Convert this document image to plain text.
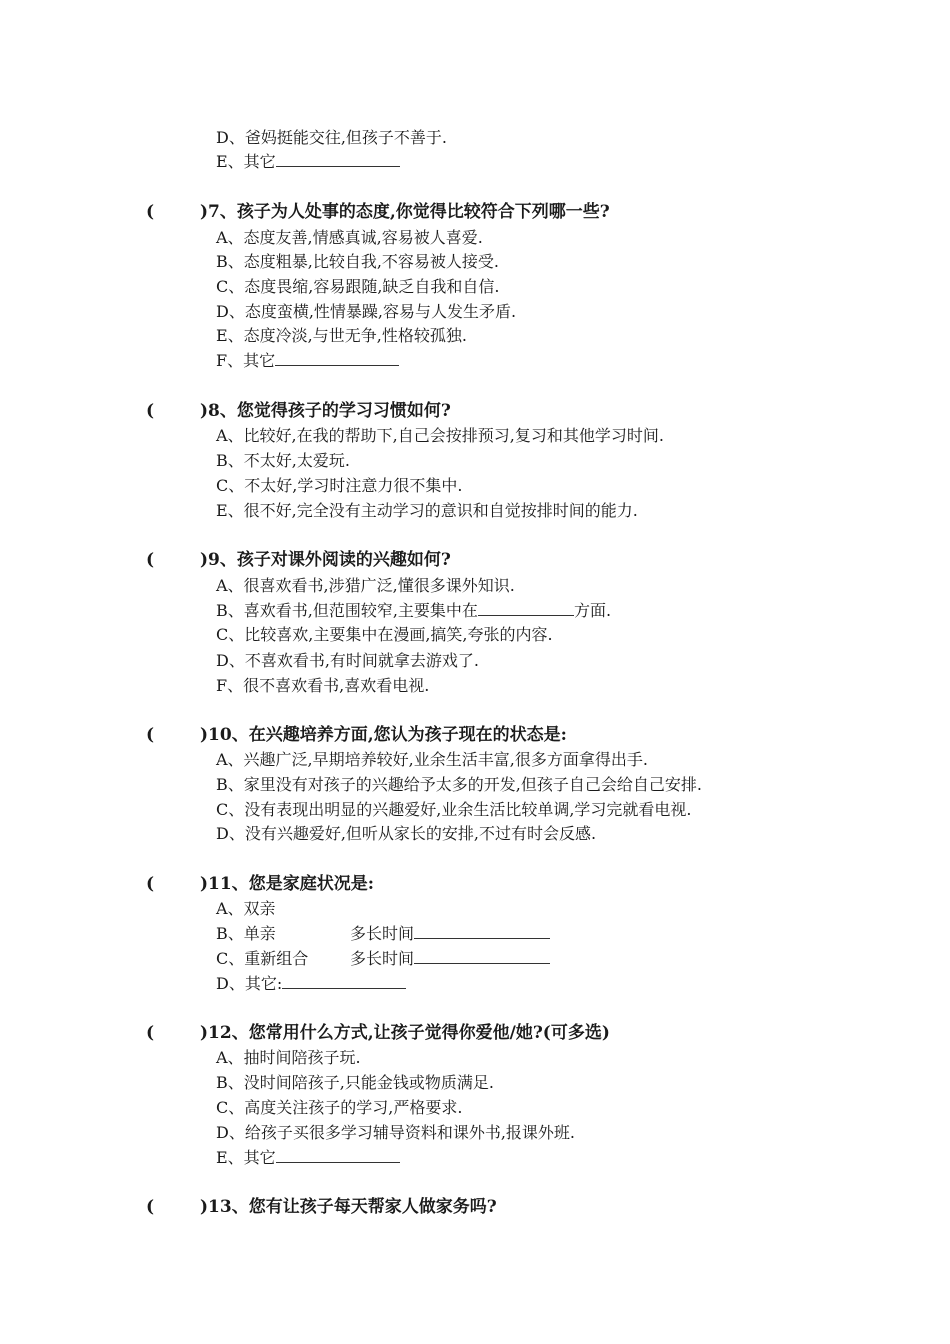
D、爸妈挺能交往,但孩子不善于.
E、其它
(	)7、孩子为人处事的态度,你觉得比较符合下列哪一些?
A、态度友善,情感真诚,容易被人喜爱.
B、态度粗暴,比较自我,不容易被人接受.
C、态度畏缩,容易跟随,缺乏自我和自信.
D、态度蛮横,性情暴躁,容易与人发生矛盾.
E、态度冷淡,与世无争,性格较孤独.
F、其它
(	)8、您觉得孩子的学习习惯如何?
A、比较好,在我的帮助下,自己会按排预习,复习和其他学习时间.
B、不太好,太爱玩.
C、不太好,学习时注意力很不集中.
E、很不好,完全没有主动学习的意识和自觉按排时间的能力.
(	)9、孩子对课外阅读的兴趣如何?
A、很喜欢看书,涉猎广泛,懂很多课外知识.
B、喜欢看书,但范围较窄,主要集中在	方面.
C、比较喜欢,主要集中在漫画,搞笑,夸张的内容.
D、不喜欢看书,有时间就拿去游戏了.
F、很不喜欢看书,喜欢看电视.
(	)10、在兴趣培养方面,您认为孩子现在的状态是:
A、兴趣广泛,早期培养较好,业余生活丰富,很多方面拿得出手.
B、家里没有对孩子的兴趣给予太多的开发,但孩子自己会给自己安排.
C、没有表现出明显的兴趣爱好,业余生活比较单调,学习完就看电视.
D、没有兴趣爱好,但听从家长的安排,不过有时会反感.
(	)11、您是家庭状况是:
A、双亲
B、单亲	多长时间
C、重新组合	多长时间
D、其它:
(	)12、您常用什么方式,让孩子觉得你爱他/她?(可多选)
A、抽时间陪孩子玩.
B、没时间陪孩子,只能金钱或物质满足.
C、高度关注孩子的学习,严格要求.
D、给孩子买很多学习辅导资料和课外书,报课外班.
E、其它
(	)13、您有让孩子每天帮家人做家务吗?
